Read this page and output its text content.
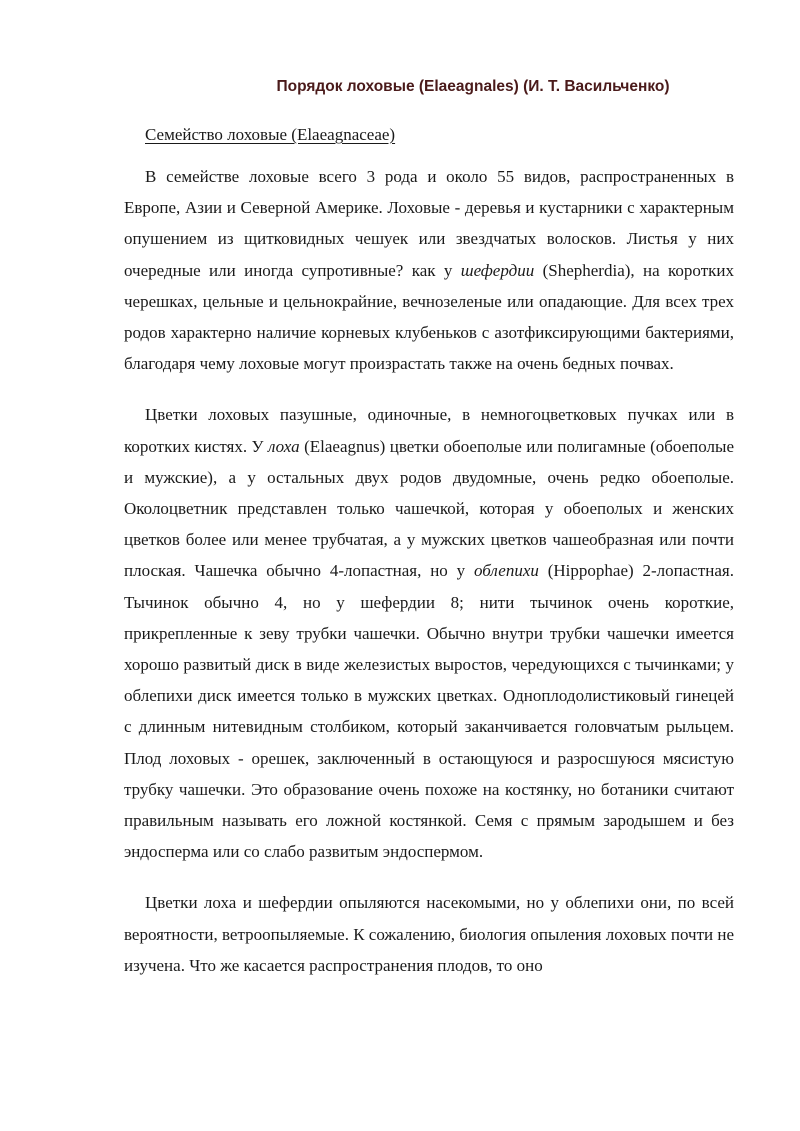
Порядок лоховые (Elaeagnales) (И. Т. Васильченко)

Семейство лоховые (Elaeagnaceae)

В семействе лоховые всего 3 рода и около 55 видов, распространенных в Европе, Азии и Северной Америке. Лоховые - деревья и кустарники с характерным опушением из щитковидных чешуек или звездчатых волосков. Листья у них очередные или иногда супротивные? как у шефердии (Shepherdia), на коротких черешках, цельные и цельнокрайние, вечнозеленые или опадающие. Для всех трех родов характерно наличие корневых клубеньков с азотфиксирующими бактериями, благодаря чему лоховые могут произрастать также на очень бедных почвах.

Цветки лоховых пазушные, одиночные, в немногоцветковых пучках или в коротких кистях. У лоха (Elaeagnus) цветки обоеполые или полигамные (обоеполые и мужские), а у остальных двух родов двудомные, очень редко обоеполые. Околоцветник представлен только чашечкой, которая у обоеполых и женских цветков более или менее трубчатая, а у мужских цветков чашеобразная или почти плоская. Чашечка обычно 4-лопастная, но у облепихи (Hippophae) 2-лопастная. Тычинок обычно 4, но у шефердии 8; нити тычинок очень короткие, прикрепленные к зеву трубки чашечки. Обычно внутри трубки чашечки имеется хорошо развитый диск в виде железистых выростов, чередующихся с тычинками; у облепихи диск имеется только в мужских цветках. Одноплодолистиковый гинецей с длинным нитевидным столбиком, который заканчивается головчатым рыльцем. Плод лоховых - орешек, заключенный в остающуюся и разросшуюся мясистую трубку чашечки. Это образование очень похоже на костянку, но ботаники считают правильным называть его ложной костянкой. Семя с прямым зародышем и без эндосперма или со слабо развитым эндоспермом.

Цветки лоха и шефердии опыляются насекомыми, но у облепихи они, по всей вероятности, ветроопыляемые. К сожалению, биология опыления лоховых почти не изучена. Что же касается распространения плодов, то оно
